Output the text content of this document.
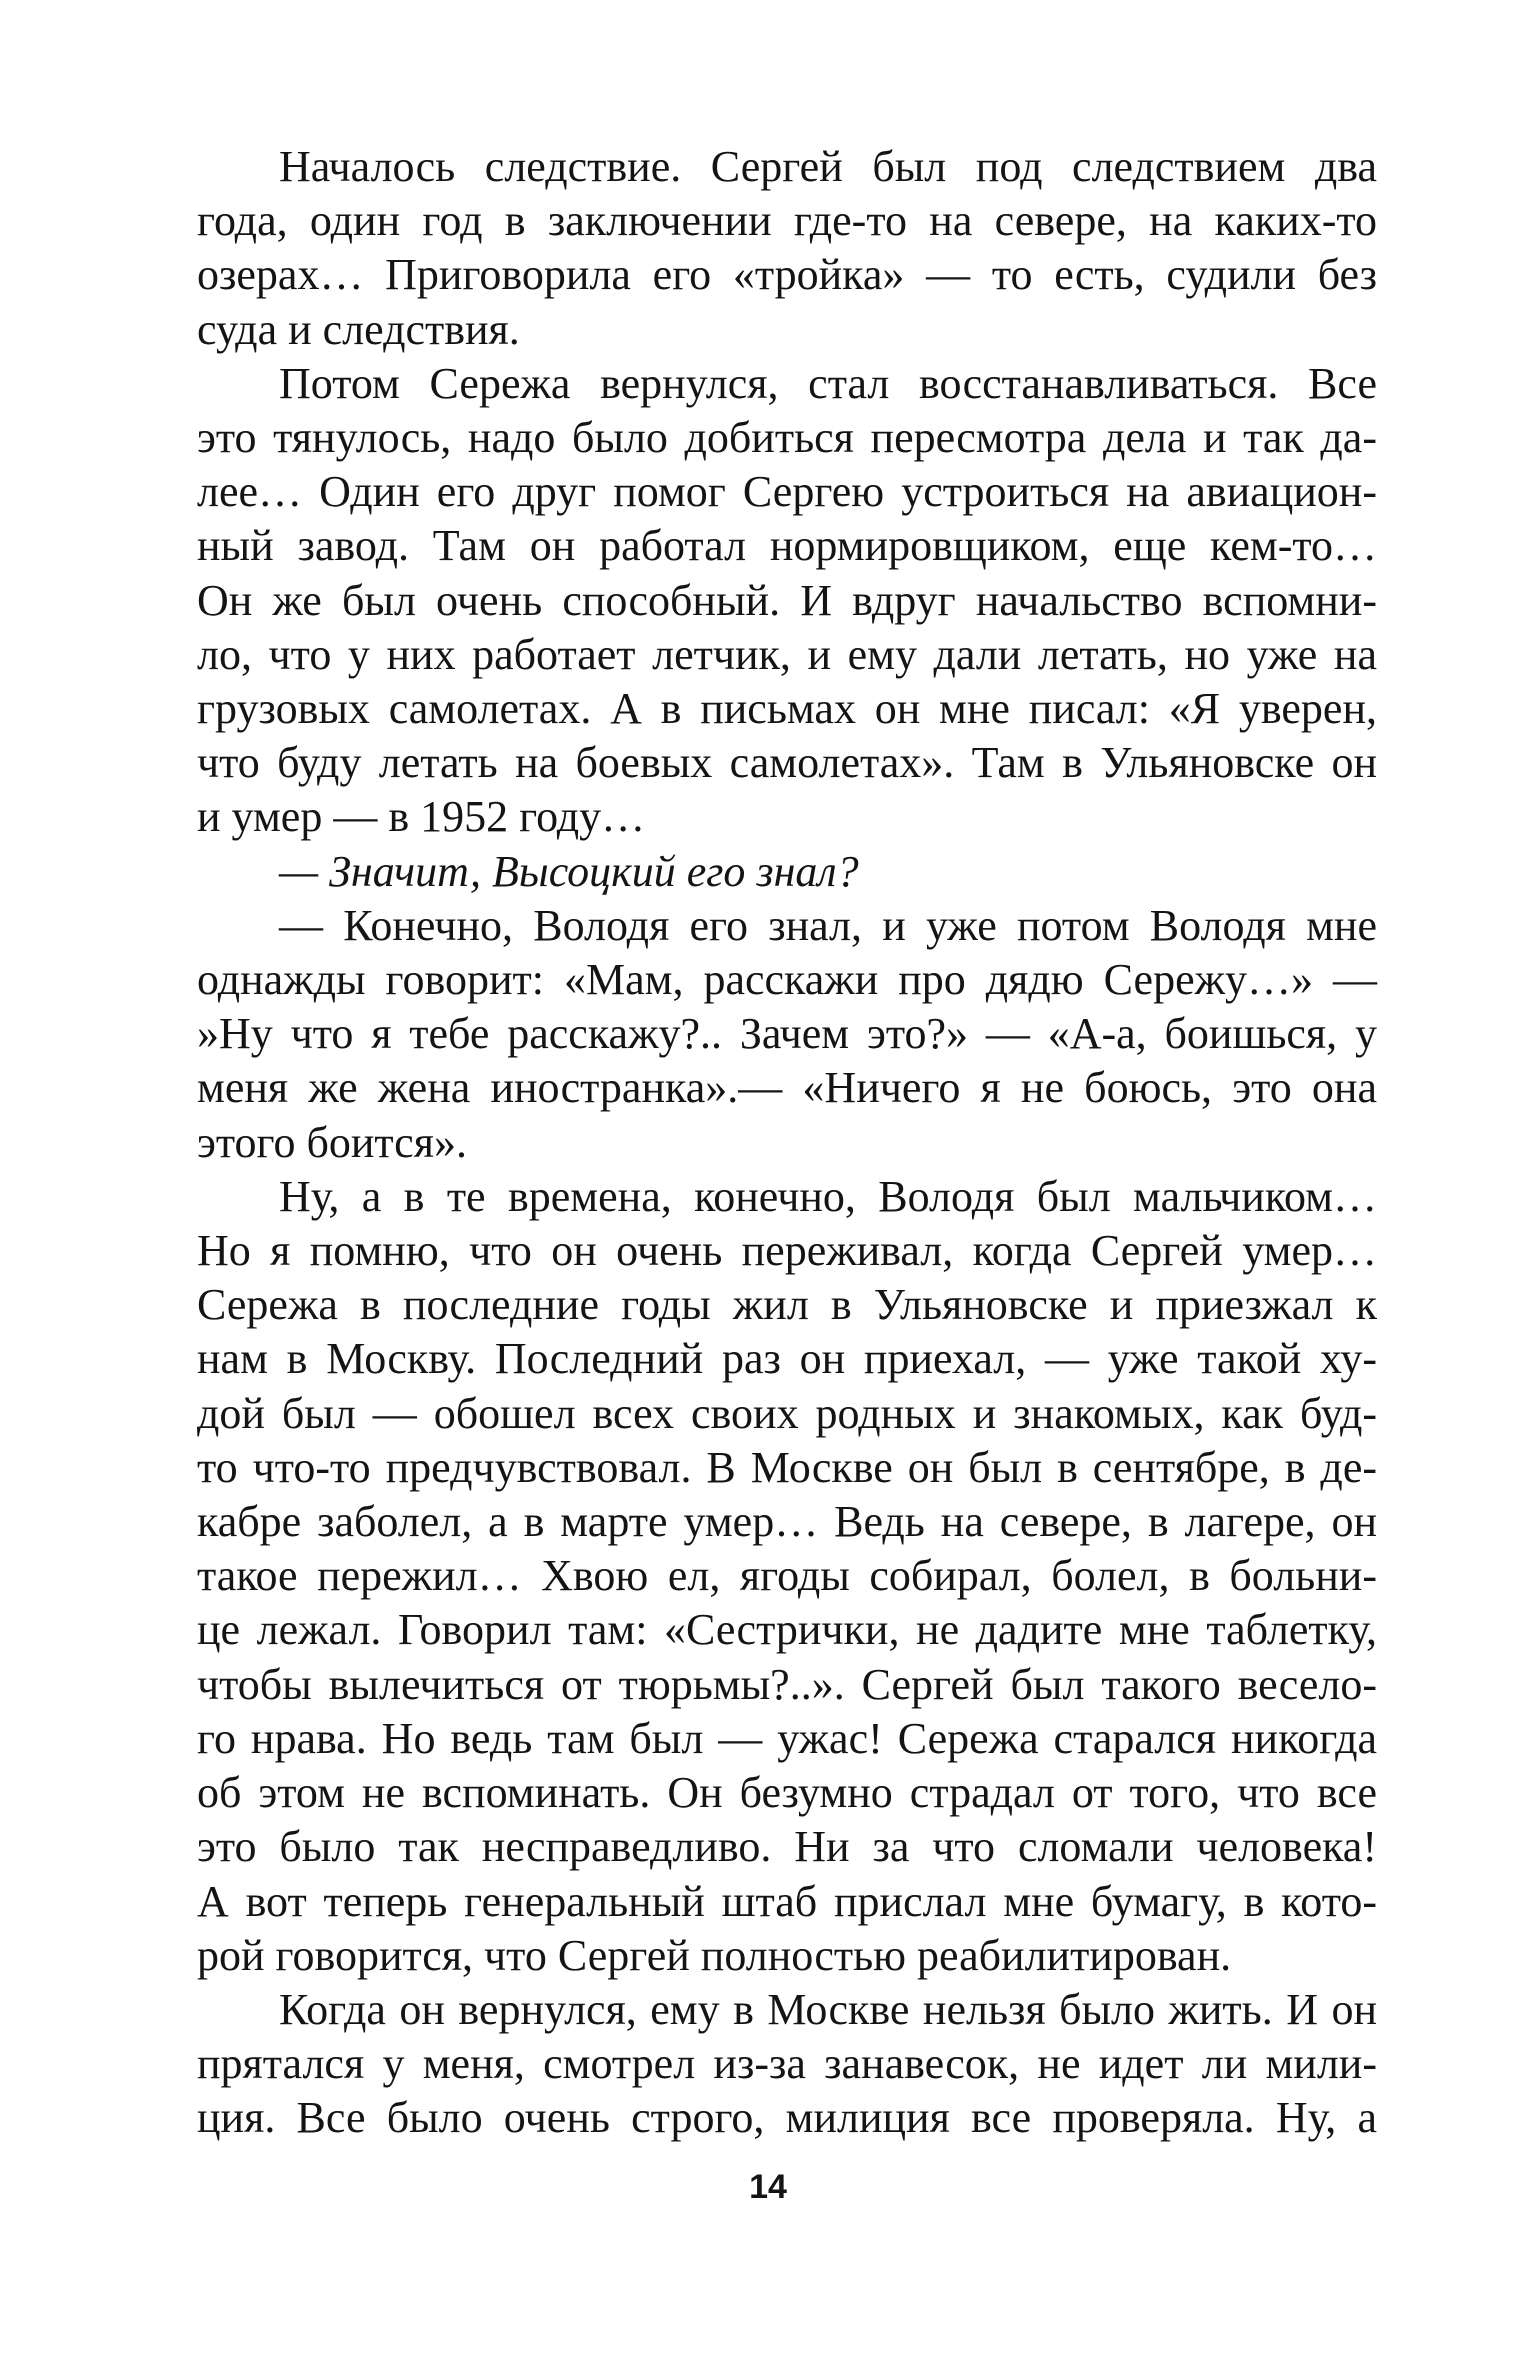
Началось следствие. Сергей был под следствием два
года, один год в заключении где-то на севере, на каких-то
озерах… Приговорила его «тройка» — то есть, судили без
суда и следствия.
Потом Сережа вернулся, стал восстанавливаться. Все
это тянулось, надо было добиться пересмотра дела и так да-
лее… Один его друг помог Сергею устроиться на авиацион-
ный завод. Там он работал нормировщиком, еще кем-то…
Он же был очень способный. И вдруг начальство вспомни-
ло, что у них работает летчик, и ему дали летать, но уже на
грузовых самолетах. А в письмах он мне писал: «Я уверен,
что буду летать на боевых самолетах». Там в Ульяновске он
и умер — в 1952 году…
— Значит, Высоцкий его знал?
— Конечно, Володя его знал, и уже потом Володя мне
однажды говорит: «Мам, расскажи про дядю Сережу…» —
»Ну что я тебе расскажу?.. Зачем это?» — «А-а, боишься, у
меня же жена иностранка».— «Ничего я не боюсь, это она
этого боится».
Ну, а в те времена, конечно, Володя был мальчиком…
Но я помню, что он очень переживал, когда Сергей умер…
Сережа в последние годы жил в Ульяновске и приезжал к
нам в Москву. Последний раз он приехал, — уже такой ху-
дой был — обошел всех своих родных и знакомых, как буд-
то что-то предчувствовал. В Москве он был в сентябре, в де-
кабре заболел, а в марте умер… Ведь на севере, в лагере, он
такое пережил… Хвою ел, ягоды собирал, болел, в больни-
це лежал. Говорил там: «Сестрички, не дадите мне таблетку,
чтобы вылечиться от тюрьмы?..». Сергей был такого весело-
го нрава. Но ведь там был — ужас! Сережа старался никогда
об этом не вспоминать. Он безумно страдал от того, что все
это было так несправедливо. Ни за что сломали человека!
А вот теперь генеральный штаб прислал мне бумагу, в кото-
рой говорится, что Сергей полностью реабилитирован.
Когда он вернулся, ему в Москве нельзя было жить. И он
прятался у меня, смотрел из-за занавесок, не идет ли мили-
ция. Все было очень строго, милиция все проверяла. Ну, а
14
